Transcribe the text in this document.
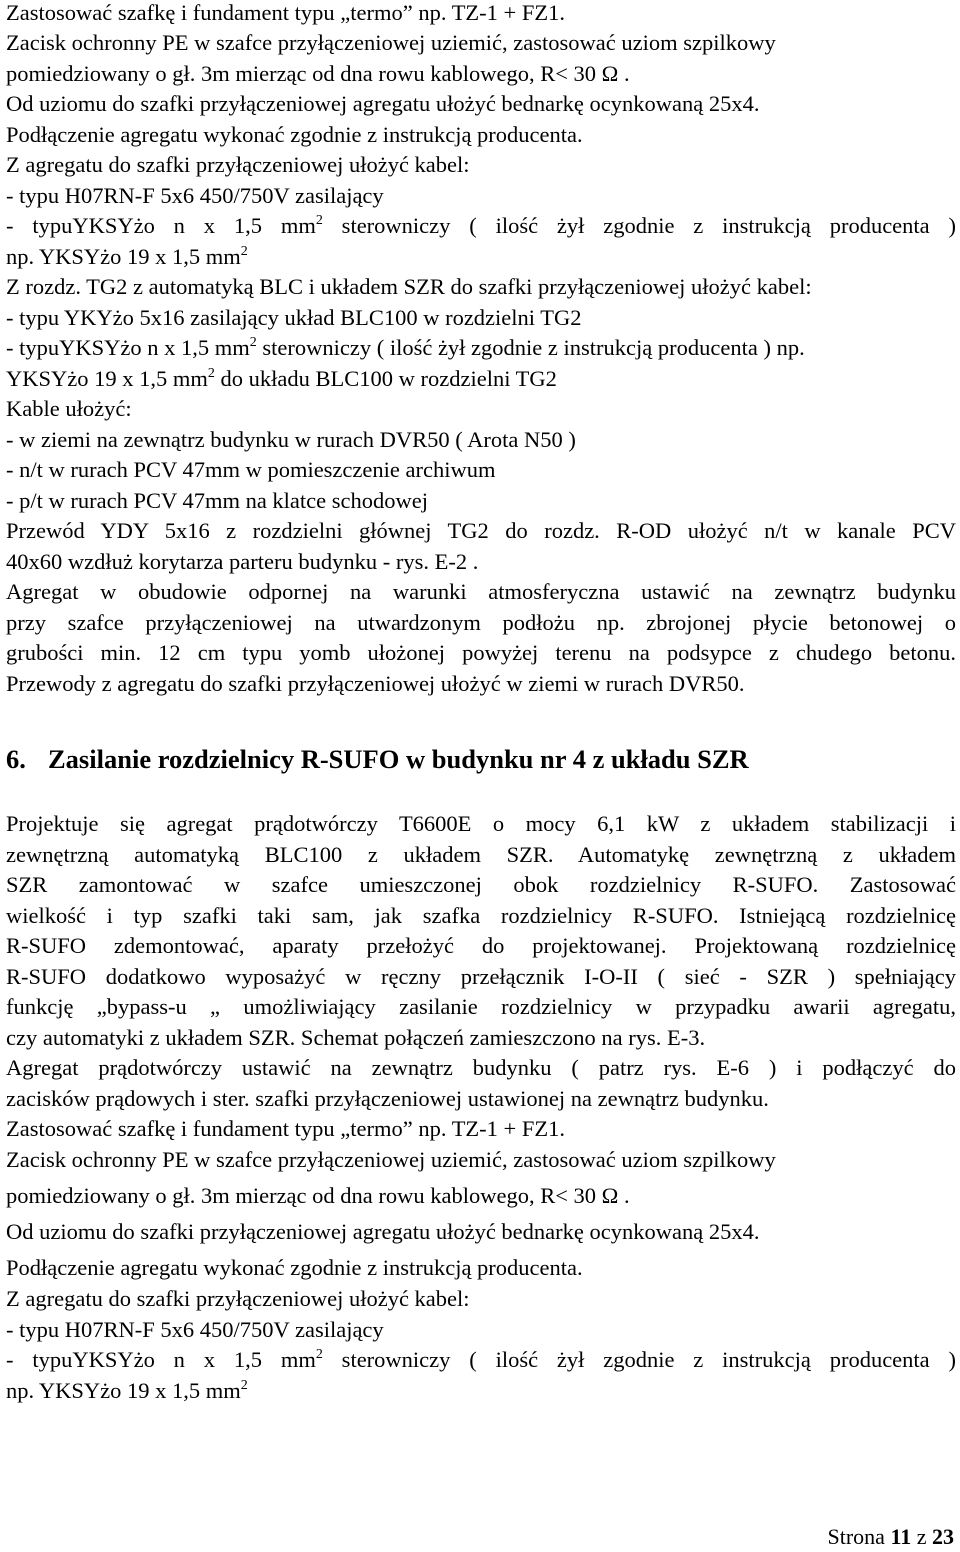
Zastosować szafkę i fundament typu „termo” np. TZ-1 + FZ1.
Zacisk ochronny PE w szafce przyłączeniowej uziemić, zastosować uziom szpilkowy
pomiedziowany o gł. 3m mierząc od dna rowu kablowego, R< 30 Ω .
Od uziomu do szafki przyłączeniowej agregatu ułożyć bednarkę ocynkowaną 25x4.
Podłączenie agregatu wykonać zgodnie z instrukcją producenta.
Z agregatu do szafki przyłączeniowej ułożyć kabel:
- typu H07RN-F 5x6 450/750V zasilający
- typuYKSYżo n x 1,5 $mm^2$ sterowniczy ( ilość żył zgodnie z instrukcją producenta )
np. YKSYżo 19 x 1,5 $mm^2$
Z rozdz. TG2 z automatyką BLC i układem SZR do szafki przyłączeniowej ułożyć kabel:
- typu YKYżo 5x16 zasilający układ BLC100 w rozdzielni TG2
- typuYKSYżo n x 1,5 $mm^2$ sterowniczy ( ilość żył zgodnie z instrukcją producenta ) np.
YKSYżo 19 x 1,5 $mm^2$ do układu BLC100 w rozdzielni TG2
Kable ułożyć:
- w ziemi na zewnątrz budynku w rurach DVR50 ( Arota N50 )
- n/t w rurach PCV 47mm w pomieszczenie archiwum
- p/t w rurach PCV 47mm na klatce schodowej
Przewód YDY 5x16 z rozdzielni głównej TG2 do rozdz. R-OD ułożyć n/t w kanale PCV
40x60 wzdłuż korytarza parteru budynku - rys. E-2 .
Agregat w obudowie odpornej na warunki atmosferyczna ustawić na zewnątrz budynku
przy szafce przyłączeniowej na utwardzonym podłożu np. zbrojonej płycie betonowej o
grubości min. 12 cm typu yomb ułożonej powyżej terenu na podsypce z chudego betonu.
Przewody z agregatu do szafki przyłączeniowej ułożyć w ziemi w rurach DVR50.
6. Zasilanie rozdzielnicy R-SUFO w budynku nr 4 z układu SZR
Projektuje się agregat prądotwórczy T6600E o mocy 6,1 kW z układem stabilizacji i
zewnętrzną automatyką BLC100 z układem SZR. Automatykę zewnętrzną z układem
SZR zamontować w szafce umieszczonej obok rozdzielnicy R-SUFO. Zastosować
wielkość i typ szafki taki sam, jak szafka rozdzielnicy R-SUFO. Istniejącą rozdzielnicę
R-SUFO zdemontować, aparaty przełożyć do projektowanej. Projektowaną rozdzielnicę
R-SUFO dodatkowo wyposażyć w ręczny przełącznik I-O-II ( sieć - SZR ) spełniający
funkcję „bypass-u „ umożliwiający zasilanie rozdzielnicy w przypadku awarii agregatu,
czy automatyki z układem SZR. Schemat połączeń zamieszczono na rys. E-3.
Agregat prądotwórczy ustawić na zewnątrz budynku ( patrz rys. E-6 ) i podłączyć do
zacisków prądowych i ster. szafki przyłączeniowej ustawionej na zewnątrz budynku.
Zastosować szafkę i fundament typu „termo” np. TZ-1 + FZ1.
Zacisk ochronny PE w szafce przyłączeniowej uziemić, zastosować uziom szpilkowy
pomiedziowany o gł. 3m mierząc od dna rowu kablowego, R< 30 Ω .
Od uziomu do szafki przyłączeniowej agregatu ułożyć bednarkę ocynkowaną 25x4.
Podłączenie agregatu wykonać zgodnie z instrukcją producenta.
Z agregatu do szafki przyłączeniowej ułożyć kabel:
- typu H07RN-F 5x6 450/750V zasilający
- typuYKSYżo n x 1,5 $mm^2$ sterowniczy ( ilość żył zgodnie z instrukcją producenta )
np. YKSYżo 19 x 1,5 $mm^2$
Strona 11 z 23
